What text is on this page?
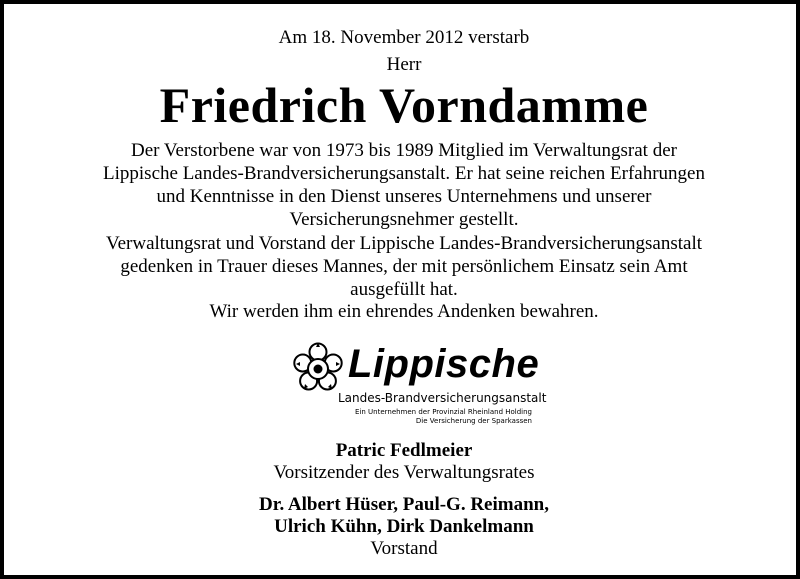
Am 18. November 2012 verstarb
Herr
Friedrich Vorndamme
Der Verstorbene war von 1973 bis 1989 Mitglied im Verwaltungsrat der
Lippische Landes-Brandversicherungsanstalt. Er hat seine reichen Erfahrungen
und Kenntnisse in den Dienst unseres Unternehmens und unserer
Versicherungsnehmer gestellt.
Verwaltungsrat und Vorstand der Lippische Landes-Brandversicherungsanstalt
gedenken in Trauer dieses Mannes, der mit persönlichem Einsatz sein Amt
ausgefüllt hat.
Wir werden ihm ein ehrendes Andenken bewahren.
Lippische
Landes-Brandversicherungsanstalt
Ein Unternehmen der Provinzial Rheinland Holding
Die Versicherung der Sparkassen
Patric Fedlmeier
Vorsitzender des Verwaltungsrates
Dr. Albert Hüser, Paul-G. Reimann,
Ulrich Kühn, Dirk Dankelmann
Vorstand
